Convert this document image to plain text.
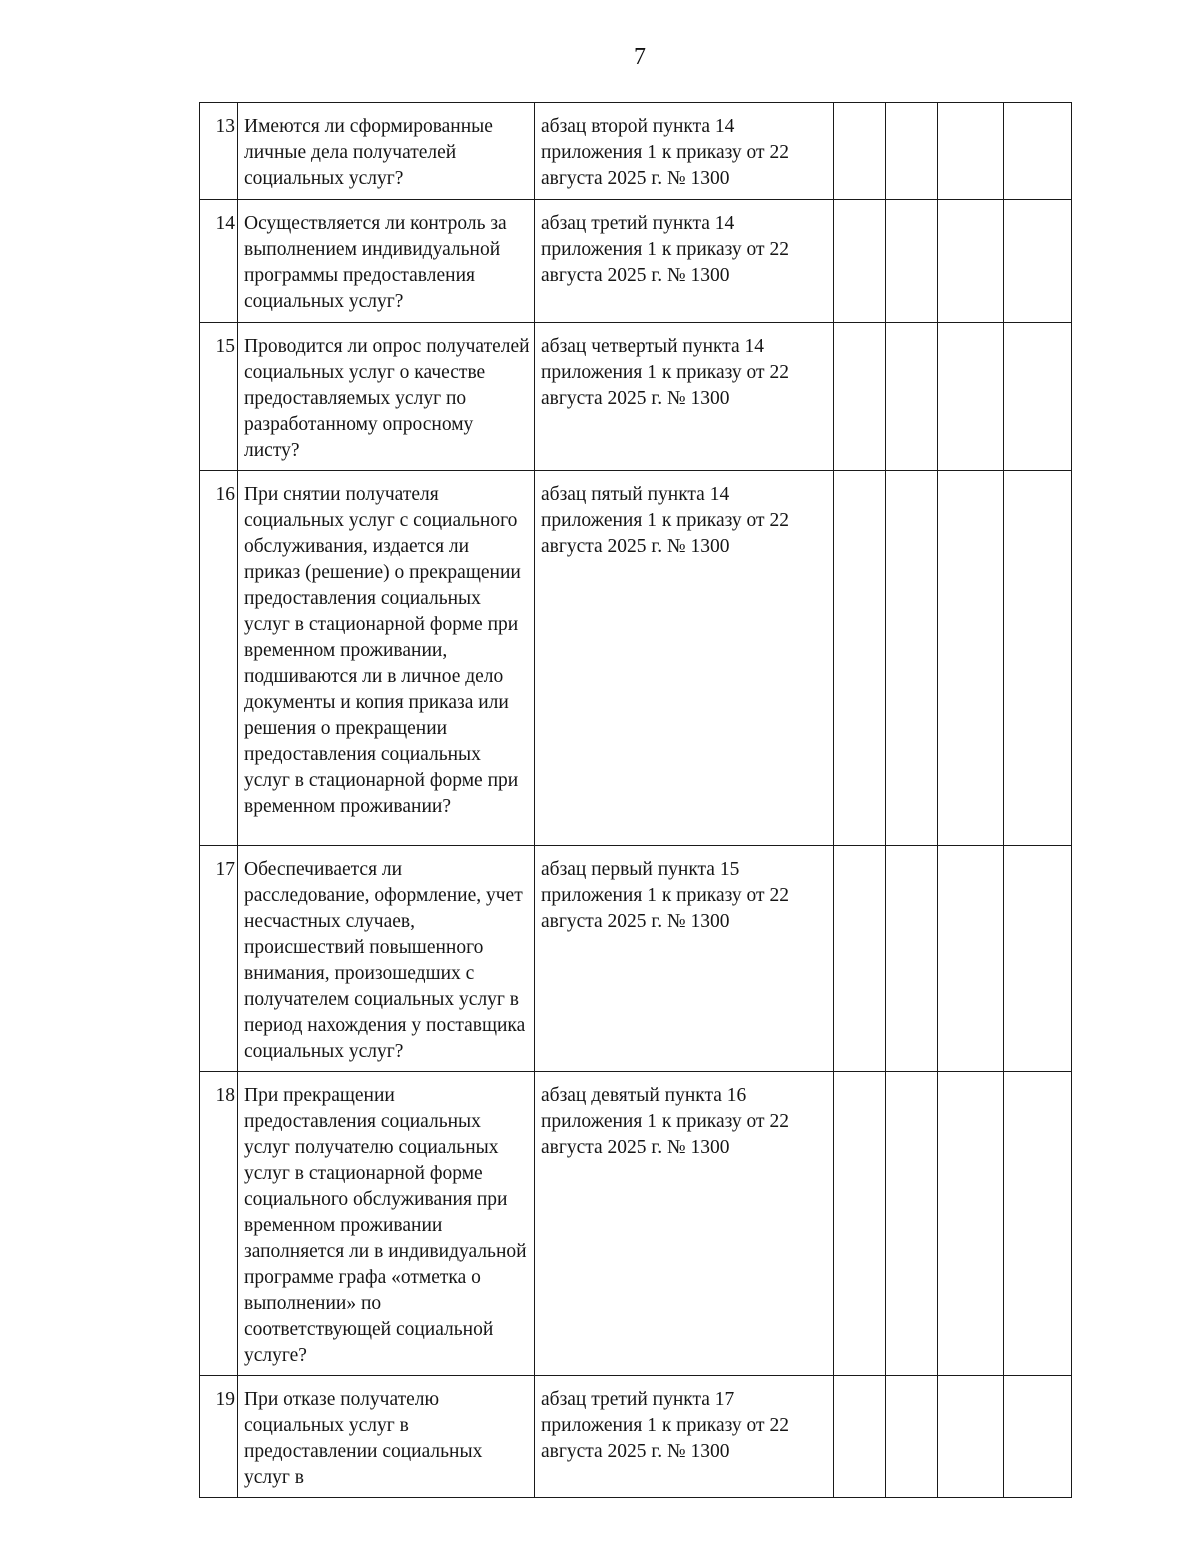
7
13	Имеются ли сформированные личные дела получателей социальных услуг?	абзац второй пункта 14 приложения 1 к приказу от 22 августа 2025 г. № 1300				
14	Осуществляется ли контроль за выполнением индивидуальной программы предоставления социальных услуг?	абзац третий пункта 14 приложения 1 к приказу от 22 августа 2025 г. № 1300				
15	Проводится ли опрос получателей социальных услуг о качестве предоставляемых услуг по разработанному опросному листу?	абзац четвертый пункта 14 приложения 1 к приказу от 22 августа 2025 г. № 1300				
16	При снятии получателя социальных услуг с социального обслуживания, издается ли приказ (решение) о прекращении предоставления социальных услуг в стационарной форме при временном проживании, подшиваются ли в личное дело документы и копия приказа или решения о прекращении предоставления социальных услуг в стационарной форме при временном проживании?	абзац пятый пункта 14 приложения 1 к приказу от 22 августа 2025 г. № 1300				
17	Обеспечивается ли расследование, оформление, учет несчастных случаев, происшествий повышенного внимания, произошедших с получателем социальных услуг в период нахождения у поставщика социальных услуг?	абзац первый пункта 15 приложения 1 к приказу от 22 августа 2025 г. № 1300				
18	При прекращении предоставления социальных услуг получателю социальных услуг в стационарной форме социального обслуживания при временном проживании заполняется ли в индивидуальной программе графа «отметка о выполнении» по соответствующей социальной услуге?	абзац девятый пункта 16 приложения 1 к приказу от 22 августа 2025 г. № 1300				
19	При отказе получателю социальных услуг в предоставлении социальных услуг в	абзац третий пункта 17 приложения 1 к приказу от 22 августа 2025 г. № 1300				
